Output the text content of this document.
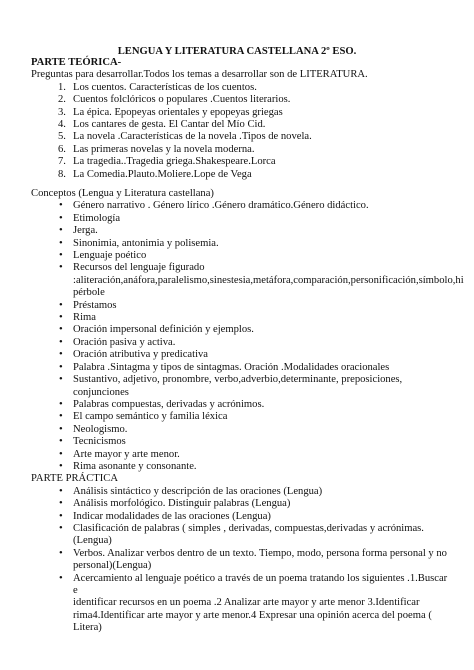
LENGUA Y LITERATURA CASTELLANA 2º ESO.

PARTE TEÓRICA-

Preguntas para desarrollar.Todos los temas a desarrollar son de LITERATURA.

1. Los cuentos. Características de los cuentos.
2. Cuentos folclóricos o populares .Cuentos literarios.
3. La épica. Epopeyas orientales y epopeyas griegas
4. Los cantares de gesta. El Cantar del Mío Cid.
5. La novela .Características de la novela .Tipos de novela.
6. Las primeras novelas y la novela moderna.
7. La tragedia..Tragedia griega.Shakespeare.Lorca
8. La Comedia.Plauto.Moliere.Lope de Vega

Conceptos (Lengua y Literatura castellana)

• Género narrativo . Género lírico .Género dramático.Género didáctico.
• Etimología
• Jerga.
• Sinonimia, antonimia y polisemia.
• Lenguaje poético
• Recursos del lenguaje figurado
:aliteración,anáfora,paralelismo,sinestesia,metáfora,comparación,personificación,símbolo,hi
pérbole
• Préstamos
• Rima
• Oración impersonal definición y ejemplos.
• Oración pasiva y activa.
• Oración atributiva y predicativa
• Palabra .Sintagma y tipos de sintagmas. Oración .Modalidades oracionales
• Sustantivo, adjetivo, pronombre, verbo,adverbio,determinante, preposiciones, conjunciones
• Palabras compuestas, derivadas y acrónimos.
• El campo semántico y familia léxica
• Neologismo.
• Tecnicismos
• Arte mayor y arte menor.
• Rima asonante y consonante.

PARTE PRÁCTICA

• Análisis sintáctico y descripción de las oraciones (Lengua)
• Análisis morfológico. Distinguir palabras (Lengua)
• Indicar modalidades de las oraciones (Lengua)
• Clasificación de palabras ( simples , derivadas, compuestas,derivadas y acrónimas.(Lengua)
• Verbos. Analizar verbos dentro de un texto. Tiempo, modo, persona forma personal y no
personal)(Lengua)
• Acercamiento al lenguaje poético a través de un poema tratando los siguientes .1.Buscar e
identificar recursos en un poema .2 Analizar arte mayor y arte menor 3.Identificar
rima4.Identificar arte mayor y arte menor.4 Expresar una opinión acerca del poema ( Litera)
